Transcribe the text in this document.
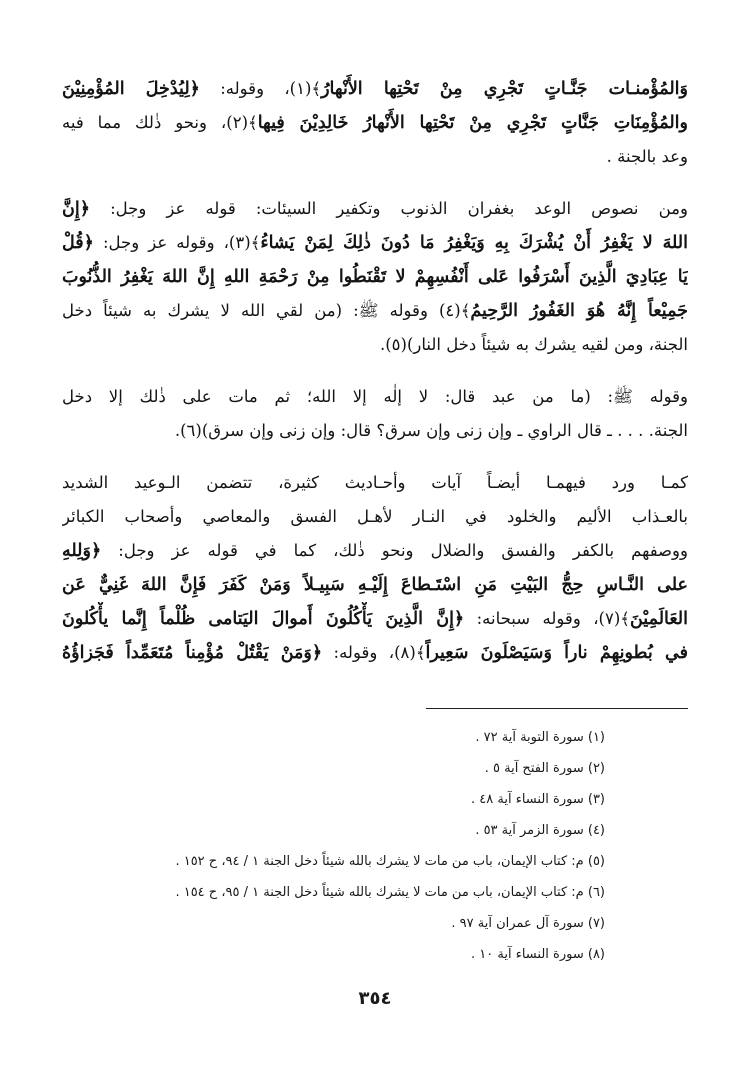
وَالمُؤْمنـات جَنَّـاتٍ تَجْرِي مِنْ تَحْتِها الأَنْهارُ﴾(١)، وقوله: ﴿لِيُدْخِلَ المُؤْمِنِيْنَ
والمُؤْمِنَاتِ جَنَّاتٍ تَجْرِي مِنْ تَحْتِها الأَنْهارُ خَالِدِيْنَ فِيها﴾(٢)، ونحو ذٰلك مما فيه
وعد بالجنة .
ومن نصوص الوعد بغفران الذنوب وتكفير السيئات: قوله عز وجل: ﴿إِنَّ
اللهَ لا يَغْفِرُ أَنْ يُشْرَكَ بِهِ وَيَغْفِرُ مَا دُونَ ذٰلِكَ لِمَنْ يَشاءُ﴾(٣)، وقوله عز وجل: ﴿قُلْ
يَا عِبَادِيَ الَّذِينَ أَسْرَفُوا عَلى أَنْفُسِهِمْ لا تَقْنَطُوا مِنْ رَحْمَةِ اللهِ إِنَّ اللهَ يَغْفِرُ الذُّنُوبَ
جَمِيْعاً إِنَّهُ هُوَ الغَفُورُ الرَّحِيمُ﴾(٤) وقوله ﷺ: (من لقي الله لا يشرك به شيئاً دخل
الجنة، ومن لقيه يشرك به شيئاً دخل النار)(٥).
وقوله ﷺ: (ما من عبد قال: لا إلٰه إلا الله؛ ثم مات على ذٰلك إلا دخل
الجنة. . . . ـ قال الراوي ـ وإن زنى وإن سرق؟ قال: وإن زنى وإن سرق)(٦).
كمـا ورد فيهمـا أيضـاً آيات وأحـاديث كثيرة، تتضمن الـوعيد الشديد
بالعـذاب الأليم والخلود في النـار لأهـل الفسق والمعاصي وأصحاب الكبائر
ووصفهم بالكفر والفسق والضلال ونحو ذٰلك، كما في قوله عز وجل: ﴿وَلِلهِ
على النَّـاسِ حِجُّ البَيْتِ مَنِ اسْتَـطاعَ إِلَيْـهِ سَبِيـلاً وَمَنْ كَفَرَ فَإِنَّ اللهَ غَنِيٌّ عَن
العَالَمِيْنَ﴾(٧)، وقوله سبحانه: ﴿إِنَّ الَّذِينَ يَأْكُلُونَ أَموالَ اليَتامى ظُلْماً إِنَّما يأْكُلونَ
في بُطونِهِمْ ناراً وَسَيَصْلَونَ سَعِيراً﴾(٨)، وقوله: ﴿وَمَنْ يَقْتُلْ مُؤْمِناً مُتَعَمِّداً فَجَزاؤُهُ
(١) سورة التوبة آية ٧٢ .
(٢) سورة الفتح آية ٥ .
(٣) سورة النساء آية ٤٨ .
(٤) سورة الزمر آية ٥٣ .
(٥) م: كتاب الإيمان، باب من مات لا يشرك بالله شيئاً دخل الجنة ١ / ٩٤، ح ١٥٢ .
(٦) م: كتاب الإيمان، باب من مات لا يشرك بالله شيئاً دخل الجنة ١ / ٩٥، ح ١٥٤ .
(٧) سورة آل عمران آية ٩٧ .
(٨) سورة النساء آية ١٠ .
٣٥٤
